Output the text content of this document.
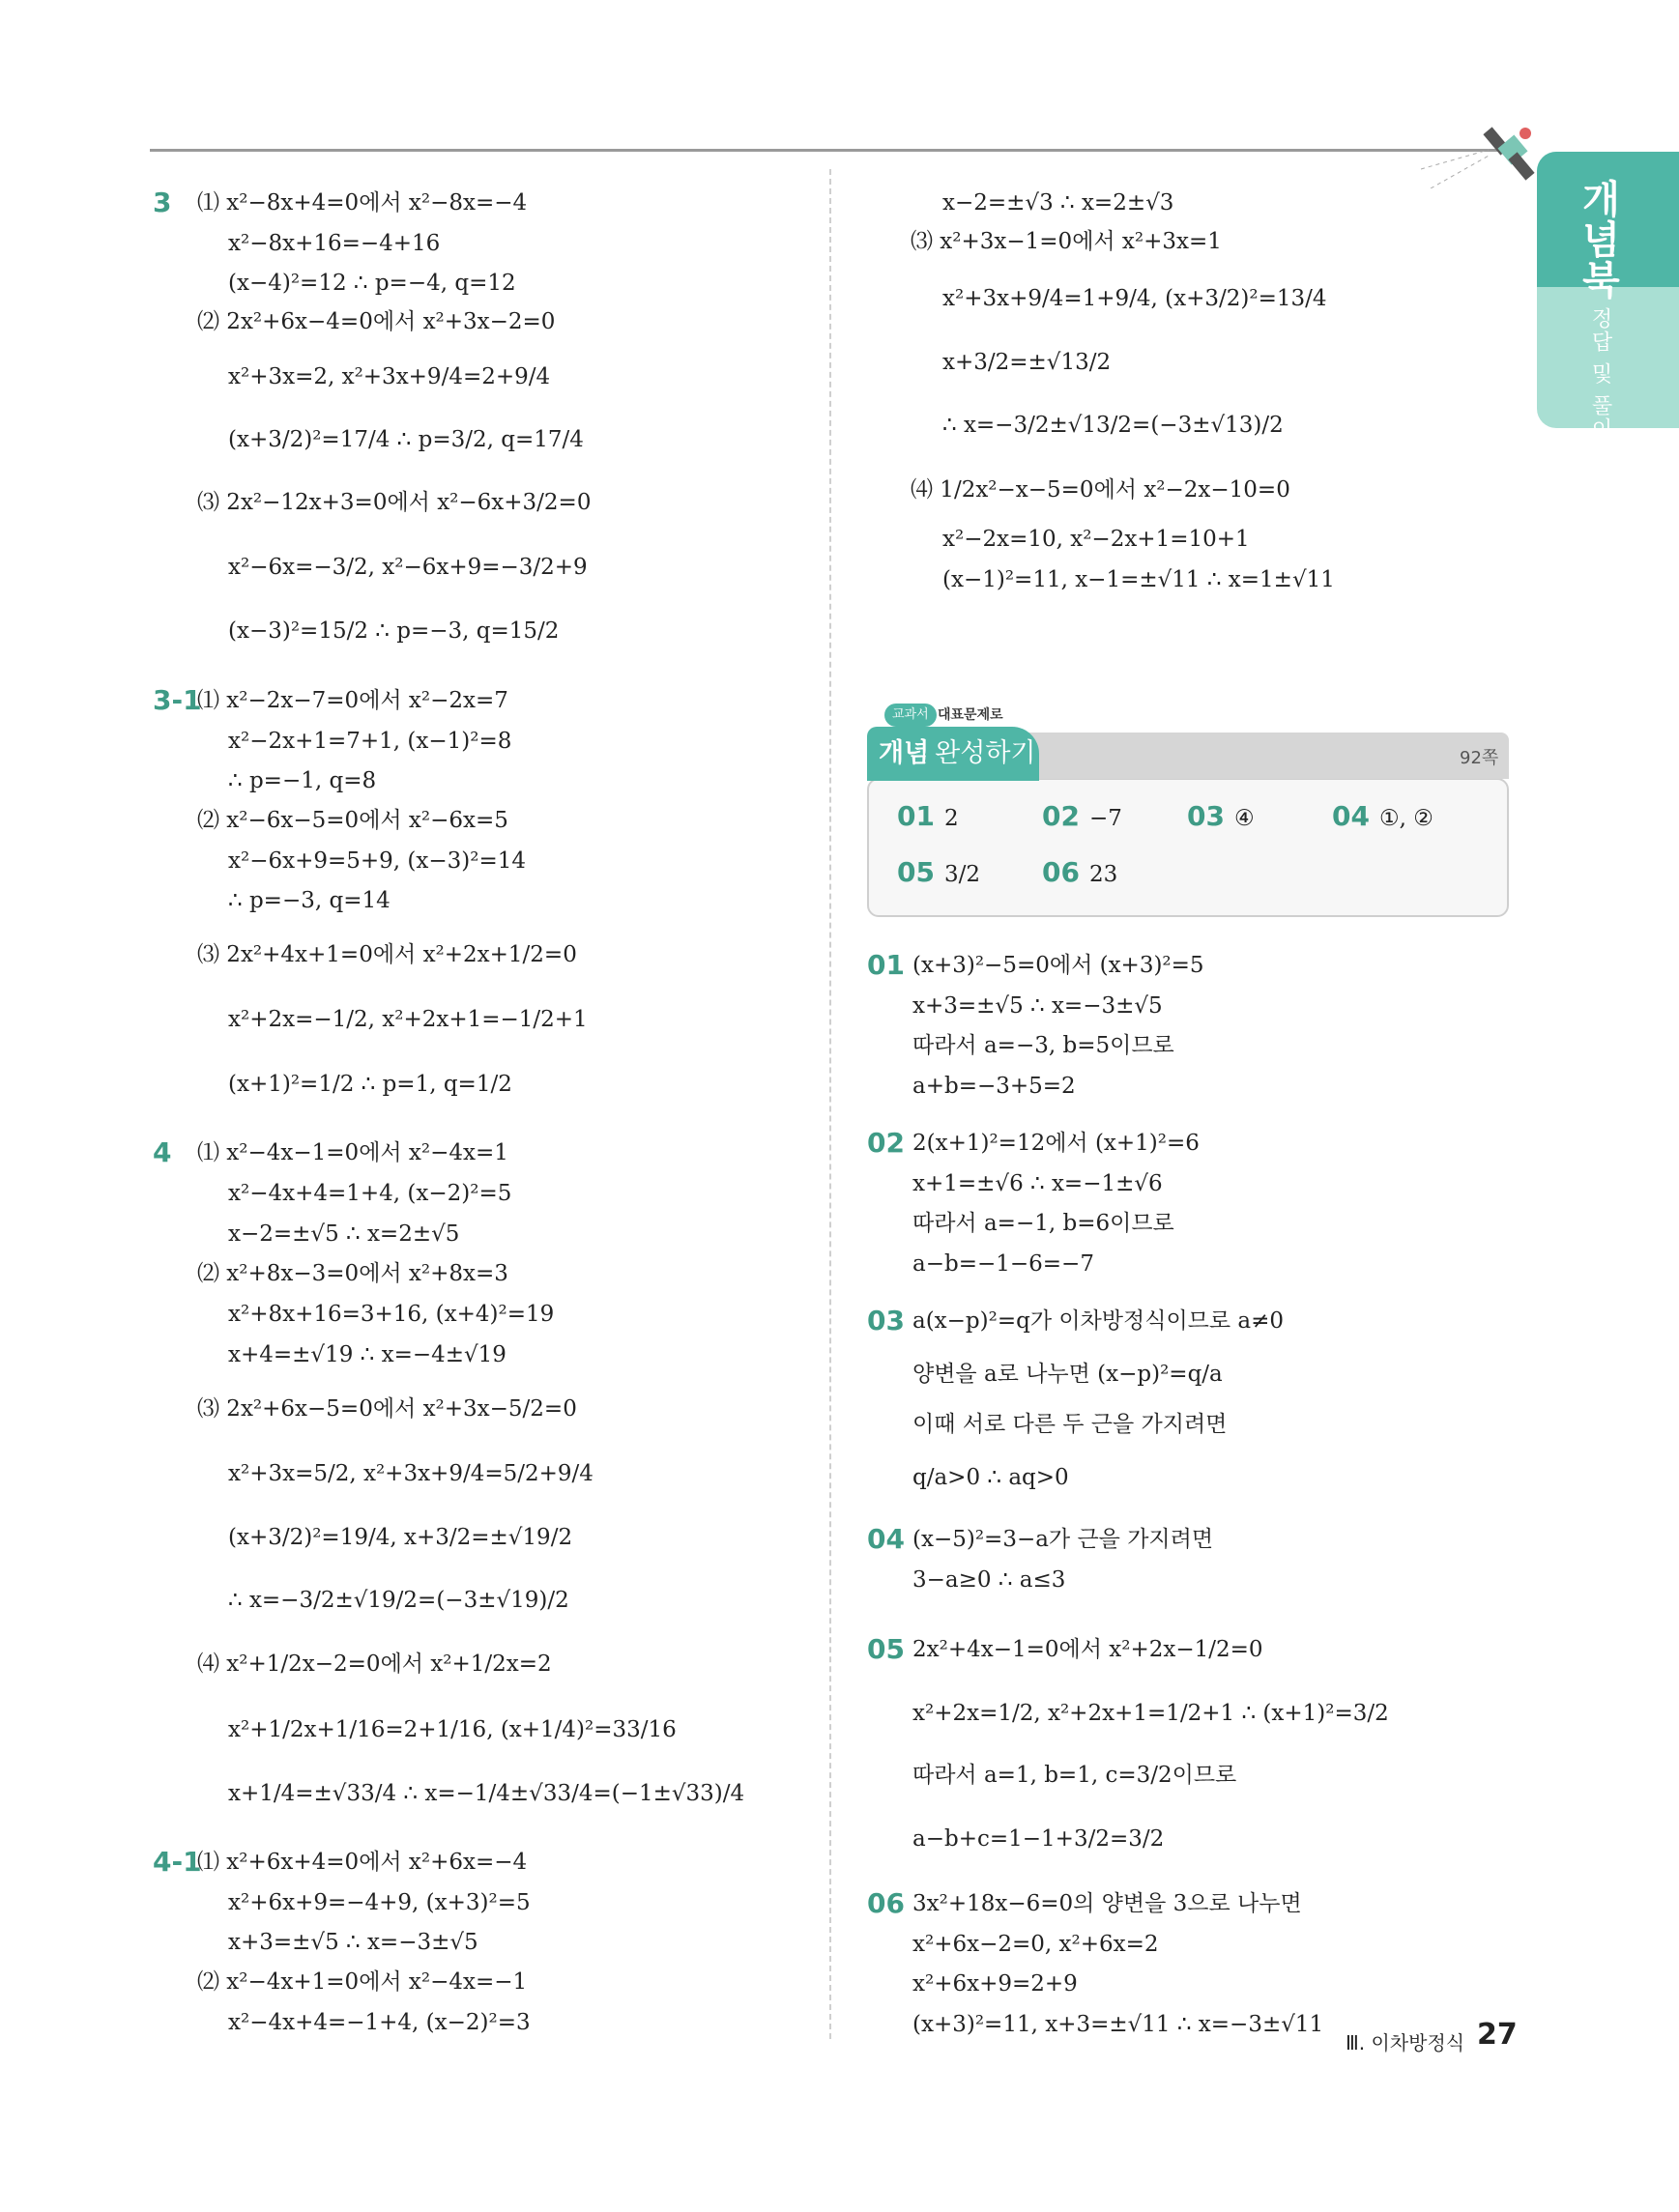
개념북
정답 및 풀이
3 ⑴ x²−8x+4=0에서 x²−8x=−4
x²−8x+16=−4+16
(x−4)²=12 ∴ p=−4, q=12
⑵ 2x²+6x−4=0에서 x²+3x−2=0
x²+3x=2, x²+3x+9/4=2+9/4
(x+3/2)²=17/4 ∴ p=3/2, q=17/4
⑶ 2x²−12x+3=0에서 x²−6x+3/2=0
x²−6x=−3/2, x²−6x+9=−3/2+9
(x−3)²=15/2 ∴ p=−3, q=15/2
3-1
⑴ x²−2x−7=0에서 x²−2x=7
x²−2x+1=7+1, (x−1)²=8
∴ p=−1, q=8
⑵ x²−6x−5=0에서 x²−6x=5
x²−6x+9=5+9, (x−3)²=14
∴ p=−3, q=14
⑶ 2x²+4x+1=0에서 x²+2x+1/2=0
x²+2x=−1/2, x²+2x+1=−1/2+1
(x+1)²=1/2 ∴ p=1, q=1/2
4 ⑴ x²−4x−1=0에서 x²−4x=1
x²−4x+4=1+4, (x−2)²=5
x−2=±√5 ∴ x=2±√5
⑵ x²+8x−3=0에서 x²+8x=3
x²+8x+16=3+16, (x+4)²=19
x+4=±√19 ∴ x=−4±√19
⑶ 2x²+6x−5=0에서 x²+3x−5/2=0
x²+3x=5/2, x²+3x+9/4=5/2+9/4
(x+3/2)²=19/4, x+3/2=±√19/2
∴ x=−3/2±√19/2=(−3±√19)/2
⑷ x²+1/2x−2=0에서 x²+1/2x=2
x²+1/2x+1/16=2+1/16, (x+1/4)²=33/16
x+1/4=±√33/4 ∴ x=−1/4±√33/4=(−1±√33)/4
4-1
⑴ x²+6x+4=0에서 x²+6x=−4
x²+6x+9=−4+9, (x+3)²=5
x+3=±√5 ∴ x=−3±√5
⑵ x²−4x+1=0에서 x²−4x=−1
x²−4x+4=−1+4, (x−2)²=3
x−2=±√3 ∴ x=2±√3
⑶ x²+3x−1=0에서 x²+3x=1
x²+3x+9/4=1+9/4, (x+3/2)²=13/4
x+3/2=±√13/2
∴ x=−3/2±√13/2=(−3±√13)/2
⑷ 1/2x²−x−5=0에서 x²−2x−10=0
x²−2x=10, x²−2x+1=10+1
(x−1)²=11, x−1=±√11 ∴ x=1±√11
개념 완성하기
교과서 대표문제로
92쪽
01 2	02 −7 03 ④	04 ①, ②
05 3/2 06 23
01 (x+3)²−5=0에서 (x+3)²=5
x+3=±√5 ∴ x=−3±√5
따라서 a=−3, b=5이므로
a+b=−3+5=2
02 2(x+1)²=12에서 (x+1)²=6
x+1=±√6 ∴ x=−1±√6
따라서 a=−1, b=6이므로
a−b=−1−6=−7
03 a(x−p)²=q가 이차방정식이므로 a≠0
양변을 a로 나누면 (x−p)²=q/a
이때 서로 다른 두 근을 가지려면
q/a>0 ∴ aq>0
04 (x−5)²=3−a가 근을 가지려면
3−a≥0 ∴ a≤3
05 2x²+4x−1=0에서 x²+2x−1/2=0
x²+2x=1/2, x²+2x+1=1/2+1 ∴ (x+1)²=3/2
따라서 a=1, b=1, c=3/2이므로
a−b+c=1−1+3/2=3/2
06 3x²+18x−6=0의 양변을 3으로 나누면
x²+6x−2=0, x²+6x=2
x²+6x+9=2+9
(x+3)²=11, x+3=±√11 ∴ x=−3±√11
Ⅲ. 이차방정식 27
